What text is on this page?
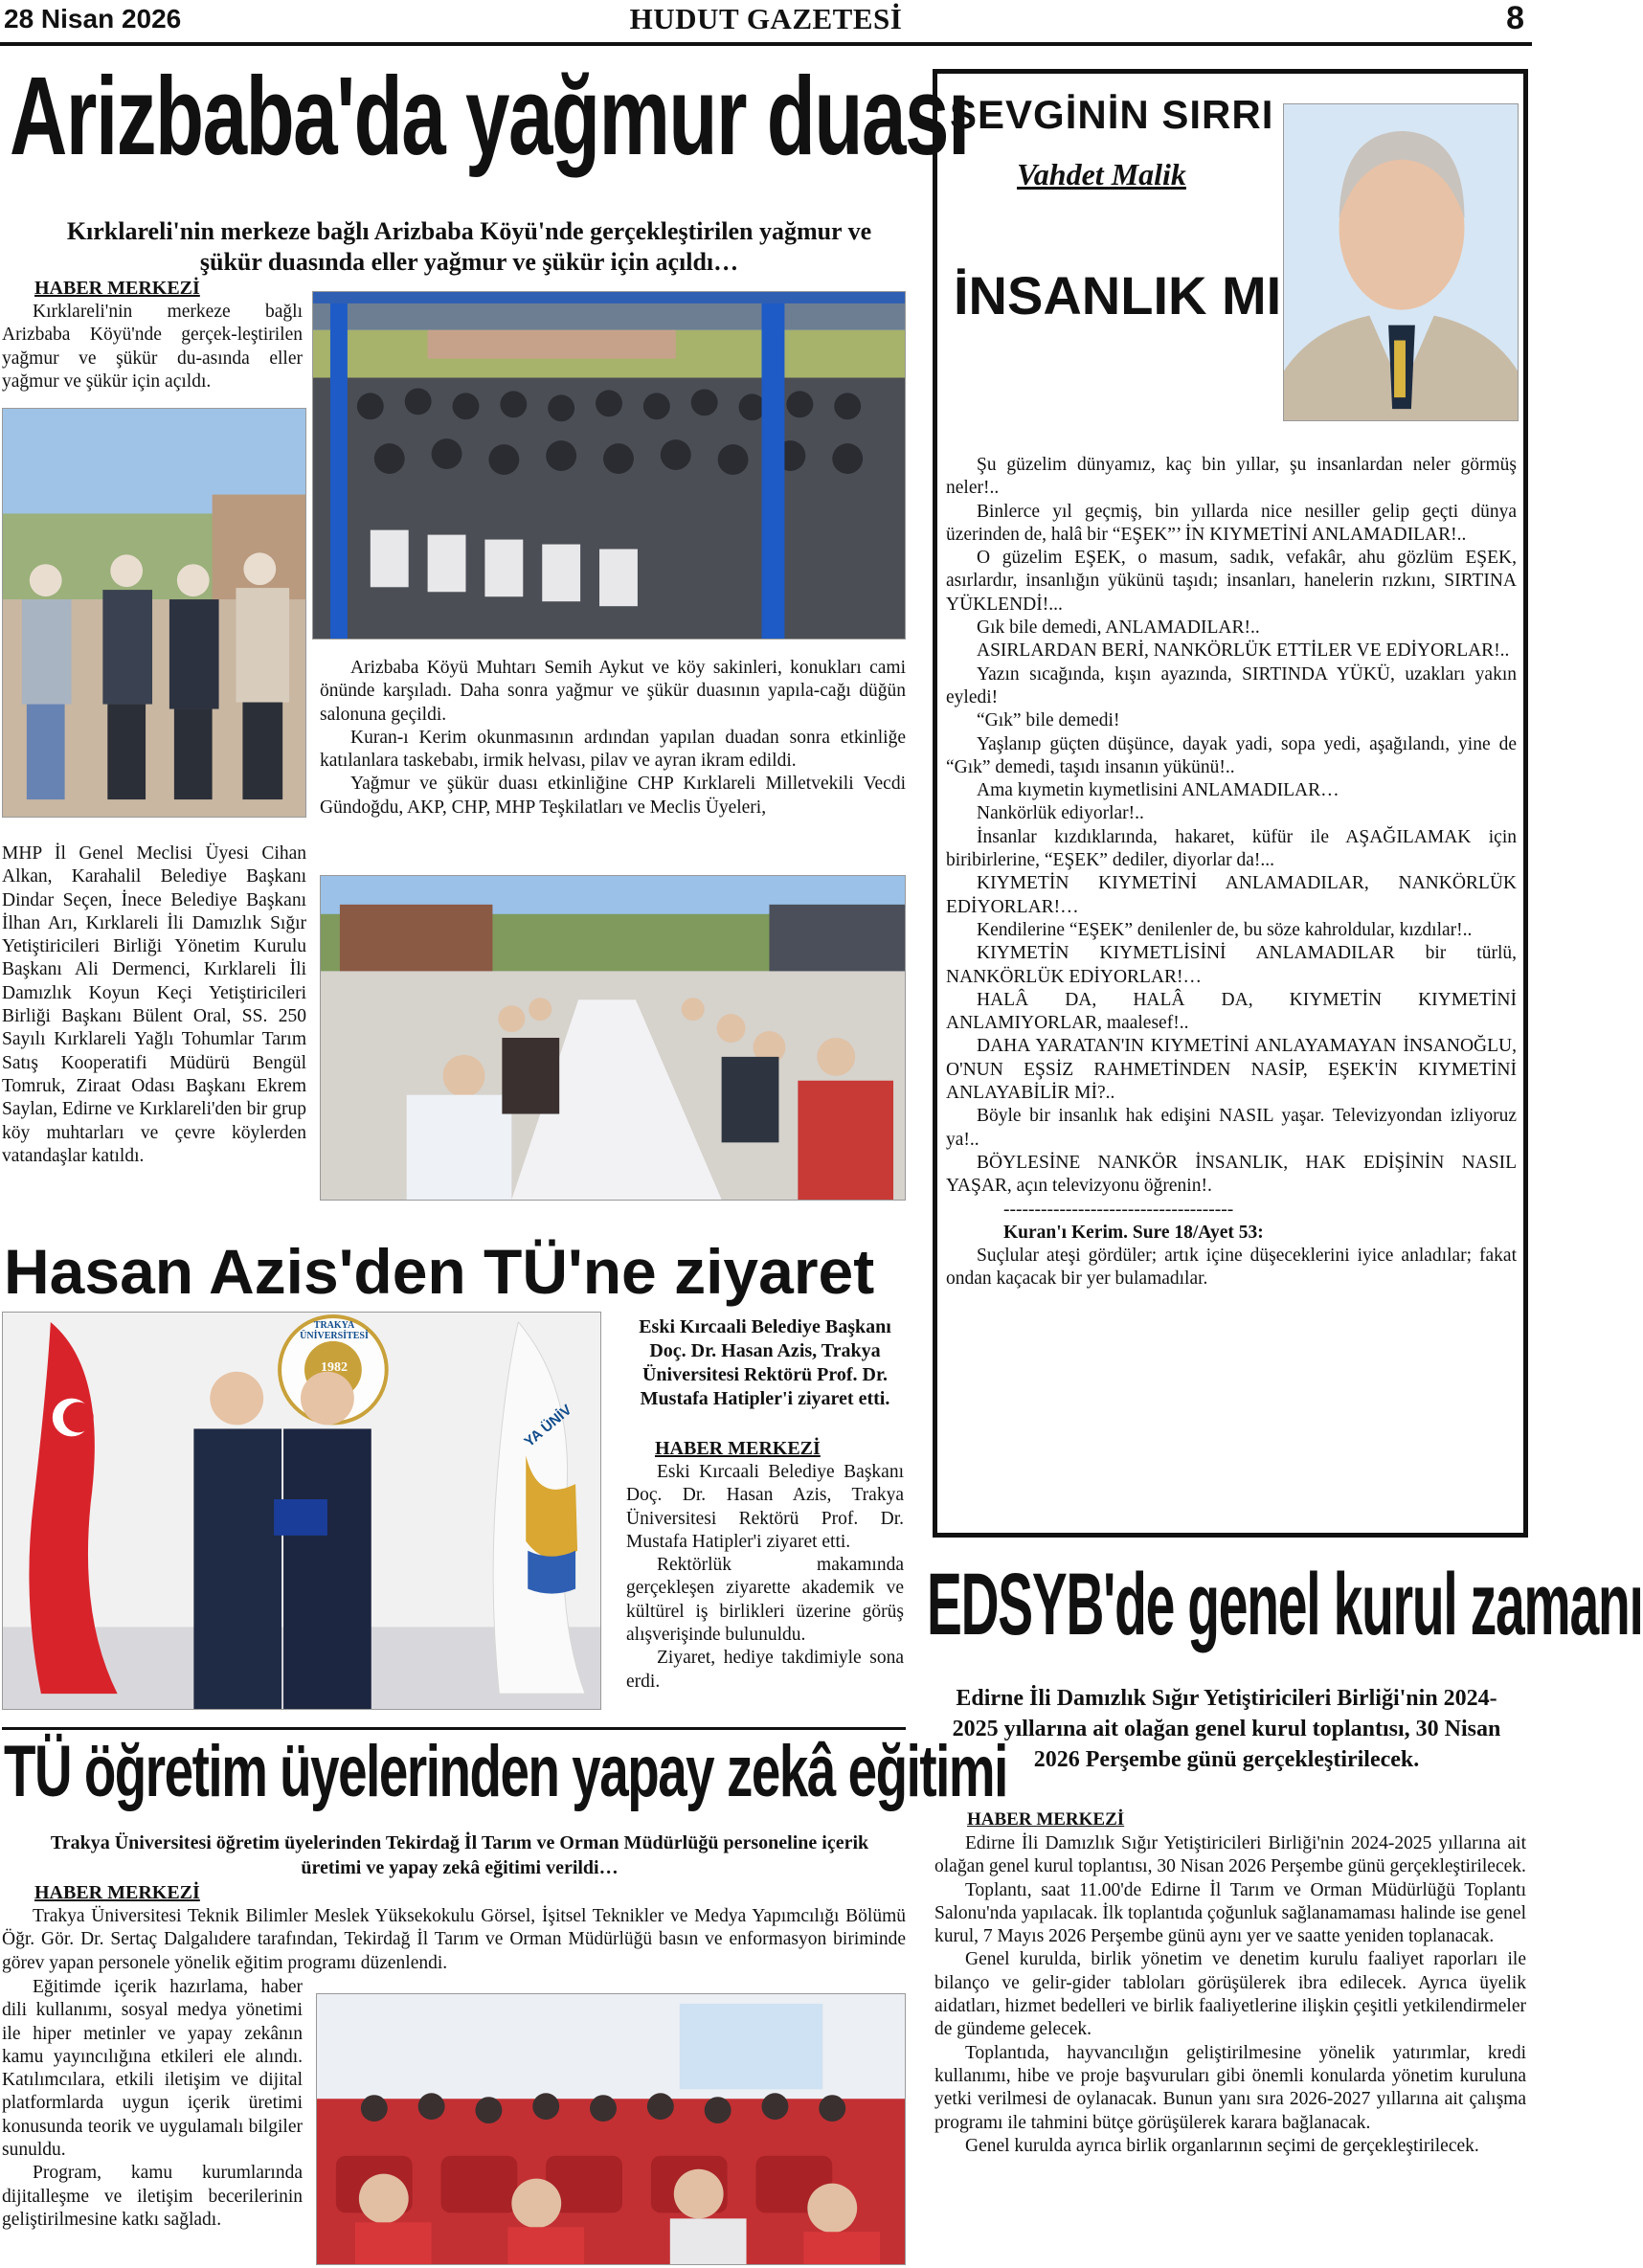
28 Nisan 2026	HUDUT GAZETESİ	8
Arizbaba'da yağmur duası
Kırklareli'nin merkeze bağlı Arizbaba Köyü'nde gerçekleştirilen yağmur ve şükür duasında eller yağmur ve şükür için açıldı…
HABER MERKEZİ

Kırklareli'nin merkeze bağlı Arizbaba Köyü'nde gerçek-leştirilen yağmur ve şükür du-asında eller yağmur ve şükür için açıldı.

MHP İl Genel Meclisi Üyesi Cihan Alkan, Karahalil Belediye Başkanı Dindar Seçen, İnece Belediye Başkanı İlhan Arı, Kırklareli İli Damızlık Sığır Yetiştiricileri Birliği Yönetim Kurulu Başkanı Ali Dermenci, Kırklareli İli Damızlık Koyun Keçi Yetiştiricileri Birliği Başkanı Bülent Oral, SS. 250 Sayılı Kırklareli Yağlı Tohumlar Tarım Satış Kooperatifi Müdürü Bengül Tomruk, Ziraat Odası Başkanı Ekrem Saylan, Edirne ve Kırklareli'den bir grup köy muhtarları ve çevre köylerden vatandaşlar katıldı.

Arizbaba Köyü Muhtarı Semih Aykut ve köy sakinleri, konukları cami önünde karşıladı. Daha sonra yağmur ve şükür duasının yapıla-cağı düğün salonuna geçildi.

Kuran-ı Kerim okunmasının ardından yapılan duadan sonra etkinliğe katılanlara taskebabı, irmik helvası, pilav ve ayran ikram edildi.

Yağmur ve şükür duası etkinliğine CHP Kırklareli Milletvekili Vecdi Gündoğdu, AKP, CHP, MHP Teşkilatları ve Meclis Üyeleri,

SEVGİNİN SIRRI
Vahdet Malik
İNSANLIK MI

Şu güzelim dünyamız, kaç bin yıllar, şu insanlardan neler görmüş neler!..

Binlerce yıl geçmiş, bin yıllarda nice nesiller gelip geçti dünya üzerinden de, halâ bir “EŞEK”’ İN KIYMETİNİ ANLAMADILAR!..

O güzelim EŞEK, o masum, sadık, vefakâr, ahu gözlüm EŞEK, asırlardır, insanlığın yükünü taşıdı; insanları, hanelerin rızkını, SIRTINA YÜKLENDİ!...

Gık bile demedi, ANLAMADILAR!..

ASIRLARDAN BERİ, NANKÖRLÜK ETTİLER VE EDİYORLAR!..

Yazın sıcağında, kışın ayazında, SIRTINDA YÜKÜ, uzakları yakın eyledi!

“Gık” bile demedi!

Yaşlanıp güçten düşünce, dayak yadi, sopa yedi, aşağılandı, yine de “Gık” demedi, taşıdı insanın yükünü!..

Ama kıymetin kıymetlisini ANLAMADILAR…

Nankörlük ediyorlar!..

İnsanlar kızdıklarında, hakaret, küfür ile AŞAĞILAMAK için biribirlerine, “EŞEK” dediler, diyorlar da!...

KIYMETİN KIYMETİNİ ANLAMADILAR, NANKÖRLÜK EDİYORLAR!…

Kendilerine “EŞEK” denilenler de, bu söze kahroldular, kızdılar!..

KIYMETİN KIYMETLİSİNİ ANLAMADILAR bir türlü, NANKÖRLÜK EDİYORLAR!…

HALÂ DA, HALÂ DA, KIYMETİN KIYMETİNİ ANLAMIYORLAR, maalesef!..

DAHA YARATAN'IN KIYMETİNİ ANLAYAMAYAN İNSANOĞLU, O'NUN EŞSİZ RAHMETİNDEN NASİP, EŞEK'İN KIYMETİNİ ANLAYABİLİR Mİ?..

Böyle bir insanlık hak edişini NASIL yaşar. Televizyondan izliyoruz ya!..

BÖYLESİNE NANKÖR İNSANLIK, HAK EDİŞİNİN NASIL YAŞAR, açın televizyonu öğrenin!.

-------------------------------------

Kuran'ı Kerim. Sure 18/Ayet 53:

Suçlular ateşi gördüler; artık içine düşeceklerini iyice anladılar; fakat ondan kaçacak bir yer bulamadılar.

Hasan Azis'den TÜ'ne ziyaret
TRAKYA ÜNİVERSİTESİ
1982
YA ÜNİV
Eski Kırcaali Belediye Başkanı Doç. Dr. Hasan Azis, Trakya Üniversitesi Rektörü Prof. Dr. Mustafa Hatipler'i ziyaret etti.
HABER MERKEZİ

Eski Kırcaali Belediye Başkanı Doç. Dr. Hasan Azis, Trakya Üniversitesi Rektörü Prof. Dr. Mustafa Hatipler'i ziyaret etti.

Rektörlük makamında gerçekleşen ziyarette akademik ve kültürel iş birlikleri üzerine görüş alışverişinde bulunuldu.

Ziyaret, hediye takdimiyle sona erdi.

TÜ öğretim üyelerinden yapay zekâ eğitimi
Trakya Üniversitesi öğretim üyelerinden Tekirdağ İl Tarım ve Orman Müdürlüğü personeline içerik üretimi ve yapay zekâ eğitimi verildi…
HABER MERKEZİ

Trakya Üniversitesi Teknik Bilimler Meslek Yüksekokulu Görsel, İşitsel Teknikler ve Medya Yapımcılığı Bölümü Öğr. Gör. Dr. Sertaç Dalgalıdere tarafından, Tekirdağ İl Tarım ve Orman Müdürlüğü basın ve enformasyon biriminde görev yapan personele yönelik eğitim programı düzenlendi.

Eğitimde içerik hazırlama, haber dili kullanımı, sosyal medya yönetimi ile hiper metinler ve yapay zekânın kamu yayıncılığına etkileri ele alındı. Katılımcılara, etkili iletişim ve dijital platformlarda uygun içerik üretimi konusunda teorik ve uygulamalı bilgiler sunuldu.

Program, kamu kurumlarında dijitalleşme ve iletişim becerilerinin geliştirilmesine katkı sağladı.

EDSYB'de genel kurul zamanı
Edirne İli Damızlık Sığır Yetiştiricileri Birliği'nin 2024-2025 yıllarına ait olağan genel kurul toplantısı, 30 Nisan 2026 Perşembe günü gerçekleştirilecek.
HABER MERKEZİ

Edirne İli Damızlık Sığır Yetiştiricileri Birliği'nin 2024-2025 yıllarına ait olağan genel kurul toplantısı, 30 Nisan 2026 Perşembe günü gerçekleştirilecek.

Toplantı, saat 11.00'de Edirne İl Tarım ve Orman Müdürlüğü Toplantı Salonu'nda yapılacak. İlk toplantıda çoğunluk sağlanamaması halinde ise genel kurul, 7 Mayıs 2026 Perşembe günü aynı yer ve saatte yeniden toplanacak.

Genel kurulda, birlik yönetim ve denetim kurulu faaliyet raporları ile bilanço ve gelir-gider tabloları görüşülerek ibra edilecek. Ayrıca üyelik aidatları, hizmet bedelleri ve birlik faaliyetlerine ilişkin çeşitli yetkilendirmeler de gündeme gelecek.

Toplantıda, hayvancılığın geliştirilmesine yönelik yatırımlar, kredi kullanımı, hibe ve proje başvuruları gibi önemli konularda yönetim kuruluna yetki verilmesi de oylanacak. Bunun yanı sıra 2026-2027 yıllarına ait çalışma programı ile tahmini bütçe görüşülerek karara bağlanacak.

Genel kurulda ayrıca birlik organlarının seçimi de gerçekleştirilecek.
